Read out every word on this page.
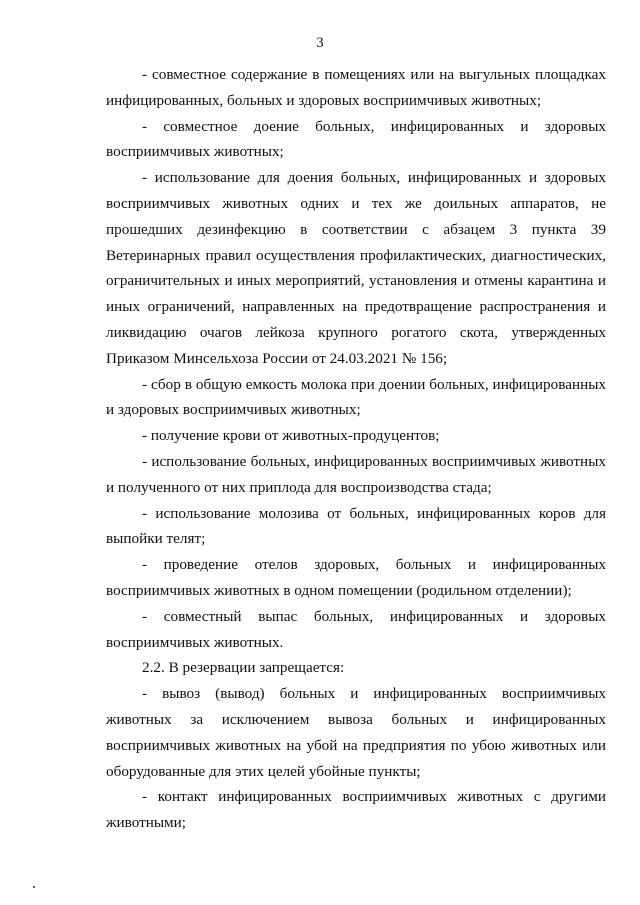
3

- совместное содержание в помещениях или на выгульных площадках инфицированных, больных и здоровых восприимчивых животных;

- совместное доение больных, инфицированных и здоровых восприимчивых животных;

- использование для доения больных, инфицированных и здоровых восприимчивых животных одних и тех же доильных аппаратов, не прошедших дезинфекцию в соответствии с абзацем 3 пункта 39 Ветеринарных правил осуществления профилактических, диагностических, ограничительных и иных мероприятий, установления и отмены карантина и иных ограничений, направленных на предотвращение распространения и ликвидацию очагов лейкоза крупного рогатого скота, утвержденных Приказом Минсельхоза России от 24.03.2021 № 156;

- сбор в общую емкость молока при доении больных, инфицированных и здоровых восприимчивых животных;

- получение крови от животных-продуцентов;

- использование больных, инфицированных восприимчивых животных и полученного от них приплода для воспроизводства стада;

- использование молозива от больных, инфицированных коров для выпойки телят;

- проведение отелов здоровых, больных и инфицированных восприимчивых животных в одном помещении (родильном отделении);

- совместный выпас больных, инфицированных и здоровых восприимчивых животных.

2.2. В резервации запрещается:

- вывоз (вывод) больных и инфицированных восприимчивых животных за исключением вывоза больных и инфицированных восприимчивых животных на убой на предприятия по убою животных или оборудованные для этих целей убойные пункты;

- контакт инфицированных восприимчивых животных с другими животными;
